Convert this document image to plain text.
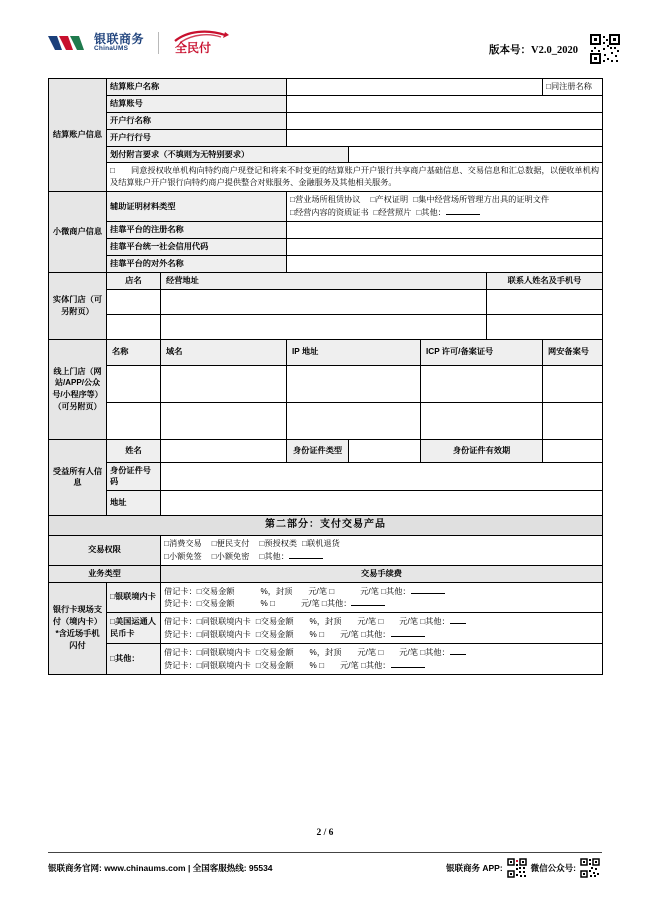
银联商务
ChinaUMS	全民付	版本号：V2.0_2020
结算账户信息	结算账户名称						□同注册名称
	结算账号						
	开户行名称						
	开户行行号						
	划付附言要求（不填则为无特别要求）						

	□ 同意授权收单机构向特约商户现登记和将来不时变更的结算账户开户银行共享商户基础信息、交易信息和汇总数据，以便收单机构及结算账户开户银行向特约商户提供整合对账服务、金融服务及其他相关服务。						

小微商户信息	辅助证明材料类型		□营业场所租赁协议 □产权证明 □集中经营场所管理方出具的证明文件
□经营内容的资质证书 □经营照片 □其他：				

	挂靠平台的注册名称						
	挂靠平台统一社会信用代码						
	挂靠平台的对外名称						
实体门店（可另附页）	店名	经营地址				联系人姓名及手机号	

线上门店（网站/APP/公众号/小程序等）（可另附页）	名称	域名	IP 地址		ICP 许可/备案证号		网安备案号

受益所有人信息	姓名		身份证件类型		身份证件有效期		
	身份证件号码						
	地址						
第二部分：支付交易产品							
交易权限		□消费交易 □便民支付 □预授权类 □联机退货
□小额免签 □小额免密 □其他：					

业务类型		交易手续费					
银行卡现场支付（境内卡）*含近场手机闪付	□银联境内卡	借记卡：□交易金额 %，封顶 元/笔 □ 元/笔 □其他：
贷记卡：□交易金额 % □ 元/笔 □其他：					

	□美国运通人民币卡	借记卡：□同银联境内卡 □交易金额 %，封顶 元/笔 □ 元/笔 □其他：
贷记卡：□同银联境内卡 □交易金额 % □ 元/笔 □其他：					

	□其他：	借记卡：□同银联境内卡 □交易金额 %，封顶 元/笔 □ 元/笔 □其他：
贷记卡：□同银联境内卡 □交易金额 % □ 元/笔 □其他：					
2 / 6
银联商务官网: www.chinaums.com | 全国客服热线: 95534	银联商务 APP:	微信公众号:
